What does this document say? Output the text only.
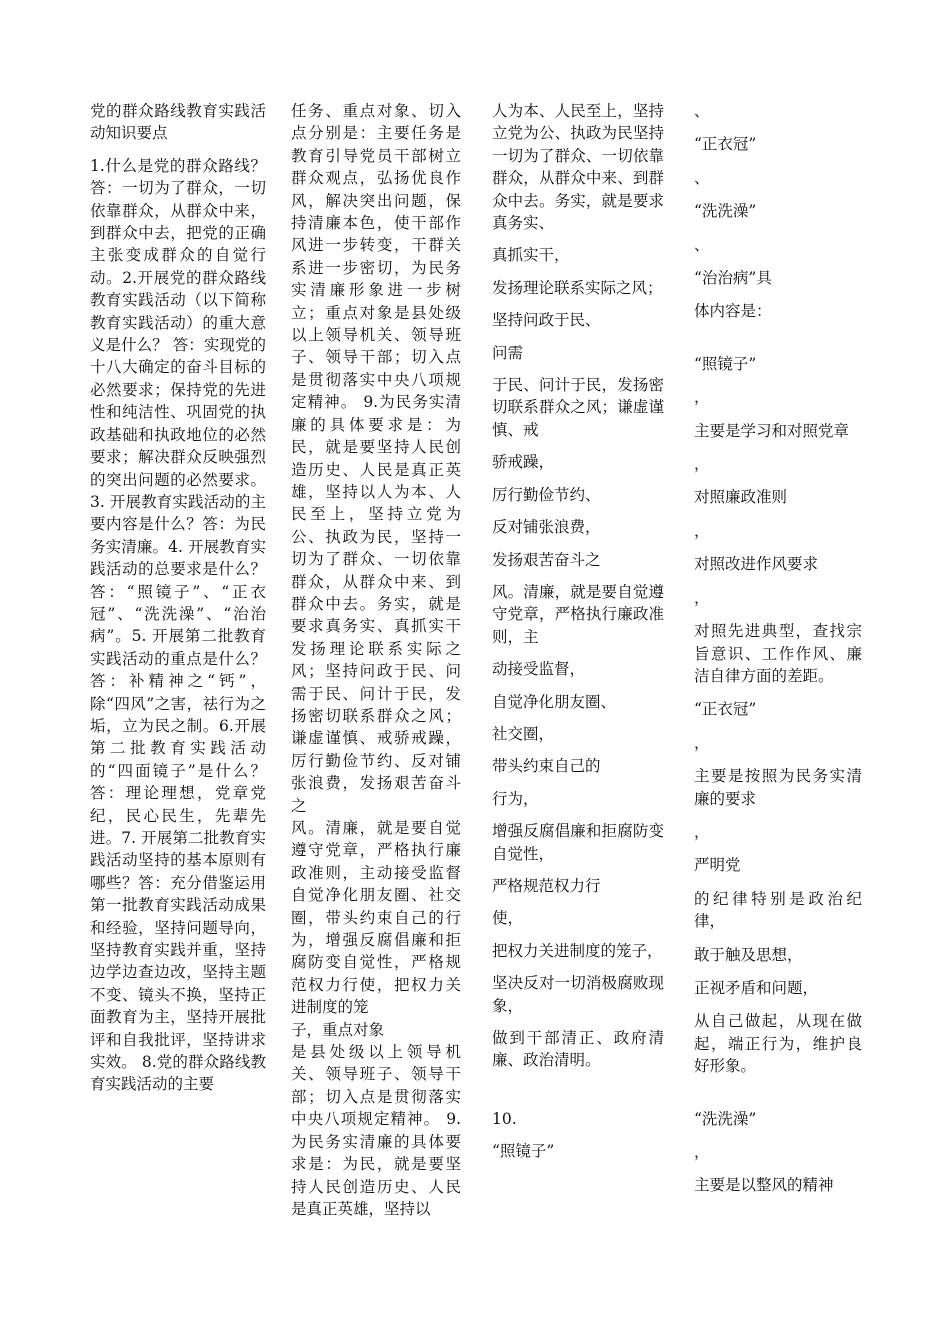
党的群众路线教育实践活动知识要点

1.什么是党的群众路线？答：一切为了群众，一切依靠群众，从群众中来，到群众中去，把党的正确主张变成群众的自觉行动。2.开展党的群众路线教育实践活动（以下简称教育实践活动）的重大意义是什么？ 答：实现党的十八大确定的奋斗目标的必然要求；保持党的先进性和纯洁性、巩固党的执政基础和执政地位的必然要求；解决群众反映强烈的突出问题的必然要求。3. 开展教育实践活动的主要内容是什么？答：为民务实清廉。4. 开展教育实践活动的总要求是什么？答：“照镜子”、“正衣冠”、“洗洗澡”、“治治病”。5. 开展第二批教育实践活动的重点是什么？答：补精神之“钙”，除“四风”之害，祛行为之垢，立为民之制。6.开展第二批教育实践活动的“四面镜子”是什么？ 答：理论理想，党章党纪，民心民生，先辈先进。7. 开展第二批教育实践活动坚持的基本原则有哪些？答：充分借鉴运用第一批教育实践活动成果和经验，坚持问题导向，坚持教育实践并重，坚持边学边查边改，坚持主题不变、镜头不换，坚持正面教育为主，坚持开展批评和自我批评，坚持讲求实效。 8.党的群众路线教育实践活动的主要

任务、重点对象、切入点分别是：主要任务是教育引导党员干部树立群众观点，弘扬优良作风，解决突出问题，保持清廉本色，使干部作风进一步转变，干群关系进一步密切，为民务实清廉形象进一步树立；重点对象是县处级以上领导机关、领导班子、领导干部；切入点是贯彻落实中央八项规定精神。 9.为民务实清廉的具体要求是：为民，就是要坚持人民创造历史、人民是真正英雄，坚持以人为本、人民至上，坚持立党为公、执政为民，坚持一切为了群众、一切依靠群众，从群众中来、到群众中去。务实，就是要求真务实、真抓实干发扬理论联系实际之风；坚持问政于民、问需于民、问计于民，发扬密切联系群众之风；谦虚谨慎、戒骄戒躁，厉行勤俭节约、反对铺张浪费，发扬艰苦奋斗之
风。清廉，就是要自觉遵守党章，严格执行廉政准则，主动接受监督自觉净化朋友圈、社交圈，带头约束自己的行为，增强反腐倡廉和拒腐防变自觉性，严格规范权力行使，把权力关进制度的笼
子，重点对象
是县处级以上领导机关、领导班子、领导干部；切入点是贯彻落实中央八项规定精神。 9.为民务实清廉的具体要求是：为民，就是要坚持人民创造历史、人民是真正英雄，坚持以

人为本、人民至上，坚持立党为公、执政为民坚持一切为了群众、一切依靠群众，从群众中来、到群众中去。务实，就是要求真务实、

真抓实干，

发扬理论联系实际之风；

坚持问政于民、

问需

于民、问计于民，发扬密切联系群众之风；谦虚谨慎、戒

骄戒躁，

厉行勤俭节约、

反对铺张浪费，

发扬艰苦奋斗之

风。清廉，就是要自觉遵守党章，严格执行廉政准则，主

动接受监督，

自觉净化朋友圈、

社交圈，

带头约束自己的

行为，

增强反腐倡廉和拒腐防变自觉性，

严格规范权力行

使，

把权力关进制度的笼子，

坚决反对一切消极腐败现象，

做到干部清正、政府清廉、政治清明。

10.

“照镜子”

、

“正衣冠”

、

“洗洗澡”

、

“治治病”具

体内容是：

“照镜子”

，

主要是学习和对照党章

，

对照廉政准则

，

对照改进作风要求

，

对照先进典型，查找宗旨意识、工作作风、廉洁自律方面的差距。

“正衣冠”

，

主要是按照为民务实清廉的要求

，

严明党

的纪律特别是政治纪律，

敢于触及思想，

正视矛盾和问题，

从自己做起，从现在做起，端正行为，维护良好形象。

“洗洗澡”

，

主要是以整风的精神
